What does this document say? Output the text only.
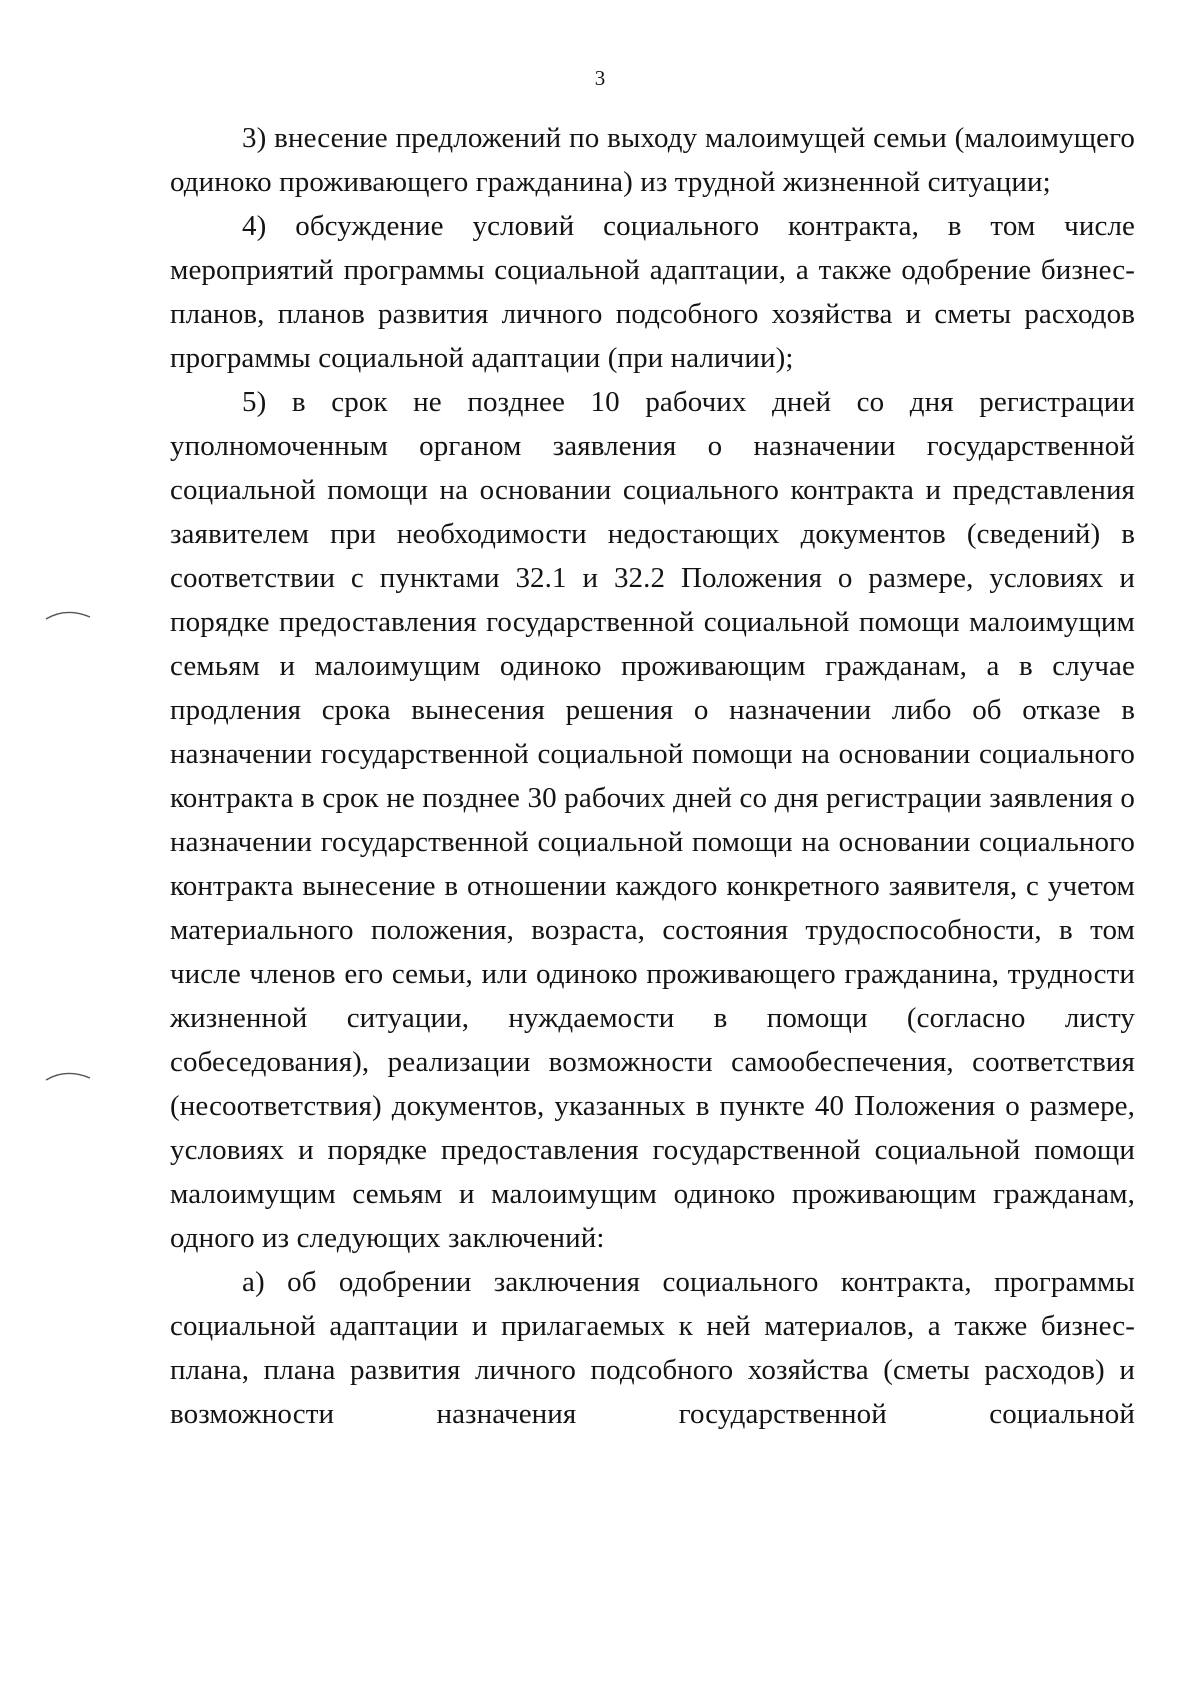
3

3) внесение предложений по выходу малоимущей семьи (малоимущего одиноко проживающего гражданина) из трудной жизненной ситуации;

4) обсуждение условий социального контракта, в том числе мероприятий программы социальной адаптации, а также одобрение бизнес-планов, планов развития личного подсобного хозяйства и сметы расходов программы социальной адаптации (при наличии);

5) в срок не позднее 10 рабочих дней со дня регистрации уполномоченным органом заявления о назначении государственной социальной помощи на основании социального контракта и представления заявителем при необходимости недостающих документов (сведений) в соответствии с пунктами 32.1 и 32.2 Положения о размере, условиях и порядке предоставления государственной социальной помощи малоимущим семьям и малоимущим одиноко проживающим гражданам, а в случае продления срока вынесения решения о назначении либо об отказе в назначении государственной социальной помощи на основании социального контракта в срок не позднее 30 рабочих дней со дня регистрации заявления о назначении государственной социальной помощи на основании социального контракта вынесение в отношении каждого конкретного заявителя, с учетом материального положения, возраста, состояния трудоспособности, в том числе членов его семьи, или одиноко проживающего гражданина, трудности жизненной ситуации, нуждаемости в помощи (согласно листу собеседования), реализации возможности самообеспечения, соответствия (несоответствия) документов, указанных в пункте 40 Положения о размере, условиях и порядке предоставления государственной социальной помощи малоимущим семьям и малоимущим одиноко проживающим гражданам, одного из следующих заключений:

а) об одобрении заключения социального контракта, программы социальной адаптации и прилагаемых к ней материалов, а также бизнес-плана, плана развития личного подсобного хозяйства (сметы расходов) и возможности назначения государственной социальной
